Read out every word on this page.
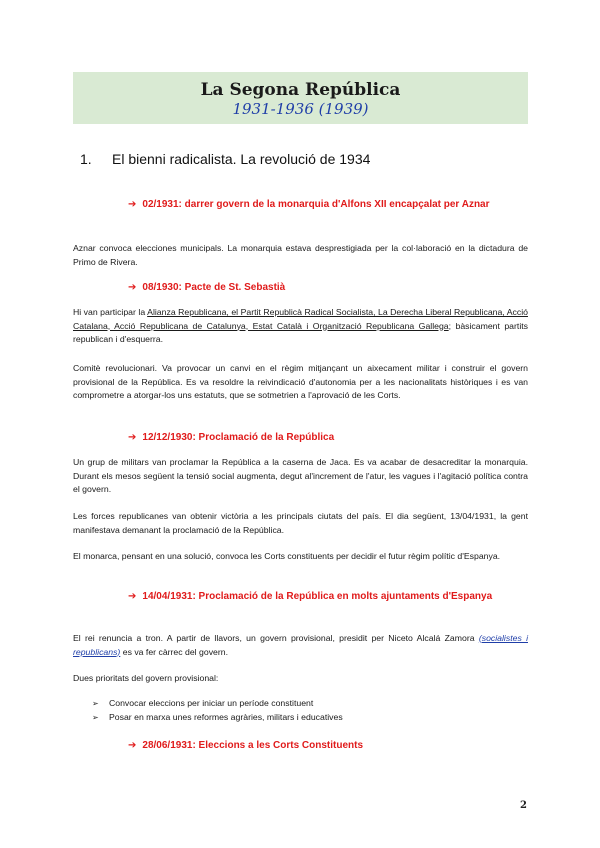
La Segona República
1931-1936 (1939)
1. El bienni radicalista. La revolució de 1934
➔ 02/1931: darrer govern de la monarquia d'Alfons XII encapçalat per Aznar
Aznar convoca elecciones municipals. La monarquia estava desprestigiada per la col·laboració en la dictadura de Primo de Rivera.
➔ 08/1930: Pacte de St. Sebastià
Hi van participar la Alianza Republicana, el Partit Republicà Radical Socialista, La Derecha Liberal Republicana, Acció Catalana, Acció Republicana de Catalunya, Estat Català i Organització Republicana Gallega; bàsicament partits republican i d'esquerra.
Comitè revolucionari. Va provocar un canvi en el règim mitjançant un aixecament militar i construir el govern provisional de la República. Es va resoldre la reivindicació d'autonomia per a les nacionalitats històriques i es van comprometre a atorgar-los uns estatuts, que se sotmetrien a l'aprovació de les Corts.
➔ 12/12/1930: Proclamació de la República
Un grup de militars van proclamar la República a la caserna de Jaca. Es va acabar de desacreditar la monarquia. Durant els mesos següent la tensió social augmenta, degut al'increment de l'atur, les vagues i l'agitació política contra el govern.
Les forces republicanes van obtenir victòria a les principals ciutats del país. El dia següent, 13/04/1931, la gent manifestava demanant la proclamació de la República.
El monarca, pensant en una solució, convoca les Corts constituents per decidir el futur règim polític d'Espanya.
➔ 14/04/1931: Proclamació de la República en molts ajuntaments d'Espanya
El rei renuncia a tron. A partir de llavors, un govern provisional, presidit per Niceto Alcalá Zamora (socialistes i republicans) es va fer càrrec del govern.
Dues prioritats del govern provisional:
➢ Convocar eleccions per iniciar un període constituent
➢ Posar en marxa unes reformes agràries, militars i educatives
➔ 28/06/1931: Eleccions a les Corts Constituents
2
